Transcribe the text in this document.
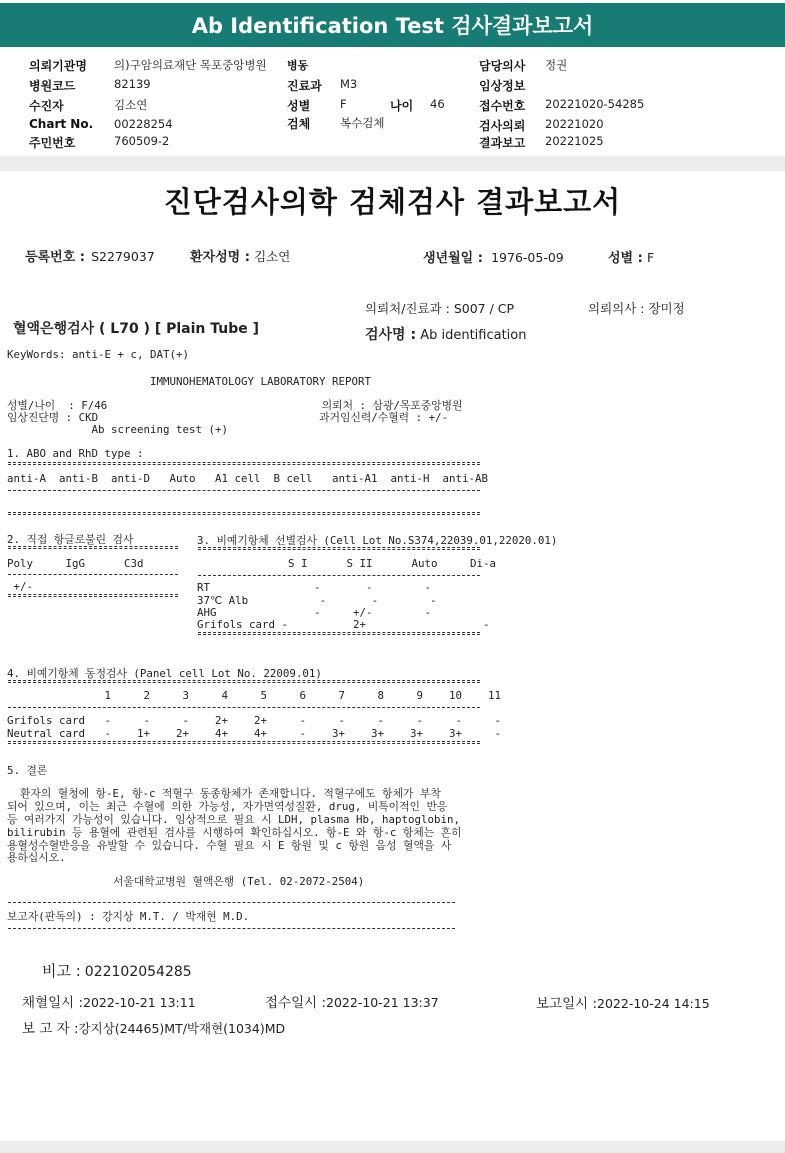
Ab Identification Test 검사결과보고서
의뢰기관명 의)구암의료재단 목포중앙병원 병동	담당의사 정권
병원코드	82139	진료과 M3	임상정보
수진자	김소연	성별	F	나이 46	접수번호 20221020-54285
Chart No. 00228254	검체	복수검체	검사의뢰 20221020
주민번호	760509-2	결과보고 20221025
진단검사의학 검체검사 결과보고서
등록번호 : S2279037	환자성명 : 김소연	생년월일 : 1976-05-09	성별 : F
의뢰처/진료과 : S007 / CP	의뢰의사 : 장미정
혈액은행검사 ( L70 ) [ Plain Tube ]	검사명 : Ab identification
KeyWords: anti-E + c, DAT(+)
IMMUNOHEMATOLOGY LABORATORY REPORT
성별/나이  : F/46                                 의뢰처 : 삼광/목포중앙병원
임상진단명 : CKD                                  과거임신력/수혈력 : +/-
Ab screening test (+)
1. ABO and RhD type :
anti-A  anti-B  anti-D   Auto   A1 cell  B cell   anti-A1  anti-H  anti-AB
2. 직접 항글로불린 검사
Poly     IgG      C3d
+/-
3. 비예기항체 선별검사 (Cell Lot No.S374,22039.01,22020.01)
S I      S II      Auto     Di-a
RT                -       -        -
37℃ Alb           -       -        -
AHG               -     +/-        -
Grifols card -          2+                  -
4. 비예기항체 동정검사 (Panel cell Lot No. 22009.01)
1     2     3     4     5     6     7     8     9    10    11
Grifols card   -     -     -    2+    2+     -     -     -     -     -     -
Neutral card   -    1+    2+    4+    4+     -    3+    3+    3+    3+     -
5. 결론
환자의 혈청에 항-E, 항-c 적혈구 동종항체가 존재합니다. 적혈구에도 항체가 부착
되어 있으며, 이는 최근 수혈에 의한 가능성, 자가면역성질환, drug, 비특이적인 반응
등 여러가지 가능성이 있습니다. 임상적으로 필요 시 LDH, plasma Hb, haptoglobin,
bilirubin 등 용혈에 관련된 검사를 시행하여 확인하십시오. 항-E 와 항-c 항체는 흔히
용혈성수혈반응을 유발할 수 있습니다. 수혈 필요 시 E 항원 및 c 항원 음성 혈액을 사
용하십시오.
서울대학교병원 혈액은행 (Tel. 02-2072-2504)
보고자(판독의) : 강지상 M.T. / 박재현 M.D.
비고 : 022102054285
채혈일시 :2022-10-21 13:11	접수일시 :2022-10-21 13:37	보고일시 :2022-10-24 14:15
보 고 자 :강지상(24465)MT/박재현(1034)MD
